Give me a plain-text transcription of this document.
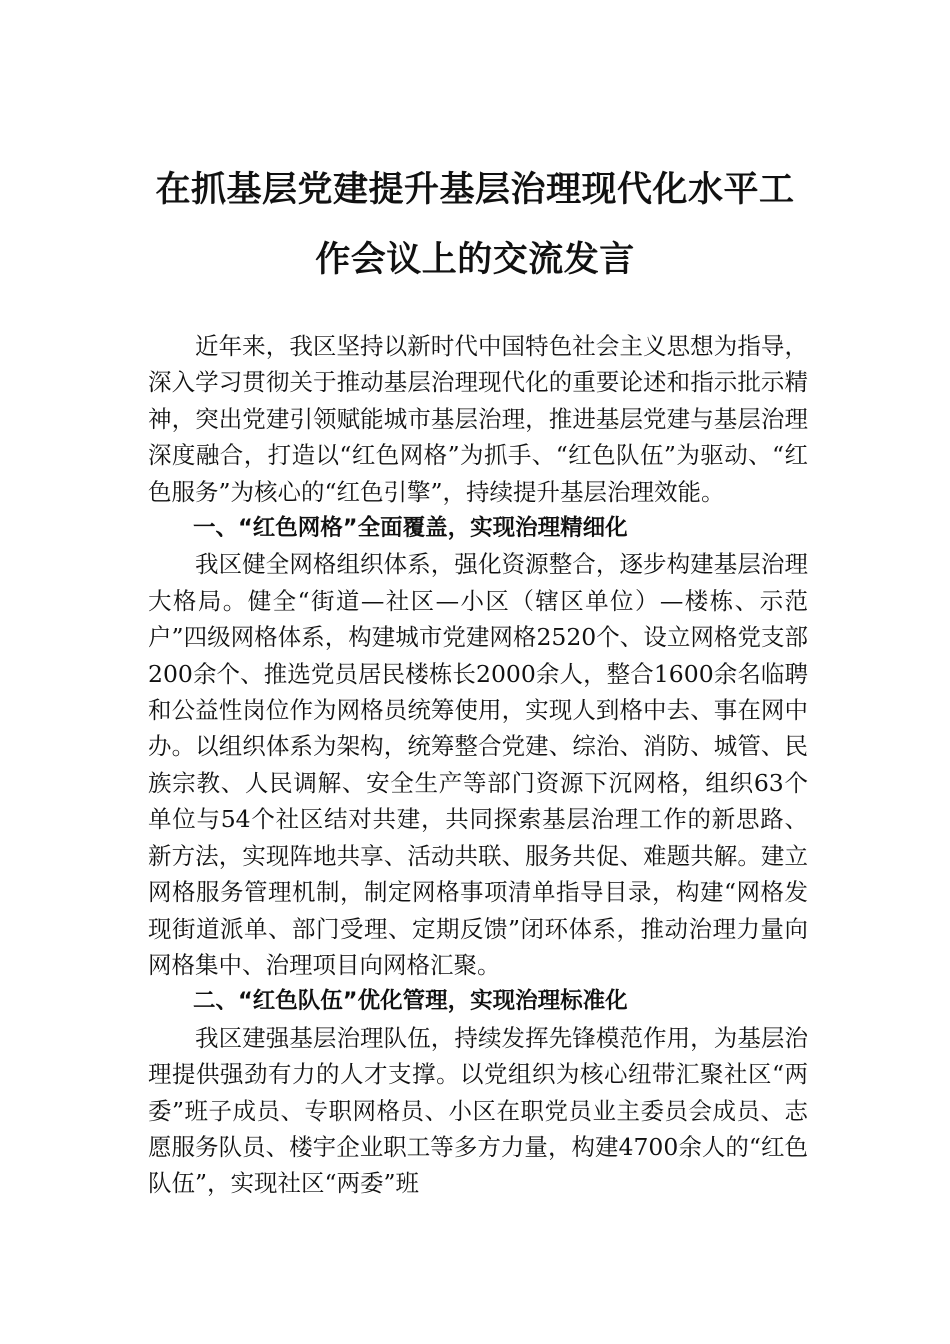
在抓基层党建提升基层治理现代化水平工
作会议上的交流发言

近年来，我区坚持以新时代中国特色社会主义思想为指导，深入学习贯彻关于推动基层治理现代化的重要论述和指示批示精神，突出党建引领赋能城市基层治理，推进基层党建与基层治理深度融合，打造以“红色网格”为抓手、“红色队伍”为驱动、“红色服务”为核心的“红色引擎”，持续提升基层治理效能。

一、“红色网格”全面覆盖，实现治理精细化

我区健全网格组织体系，强化资源整合，逐步构建基层治理大格局。健全“街道—社区—小区（辖区单位）—楼栋、示范户”四级网格体系，构建城市党建网格2520个、设立网格党支部200余个、推选党员居民楼栋长2000余人，整合1600余名临聘和公益性岗位作为网格员统筹使用，实现人到格中去、事在网中办。以组织体系为架构，统筹整合党建、综治、消防、城管、民族宗教、人民调解、安全生产等部门资源下沉网格，组织63个单位与54个社区结对共建，共同探索基层治理工作的新思路、新方法，实现阵地共享、活动共联、服务共促、难题共解。建立网格服务管理机制，制定网格事项清单指导目录，构建“网格发现街道派单、部门受理、定期反馈”闭环体系，推动治理力量向网格集中、治理项目向网格汇聚。

二、“红色队伍”优化管理，实现治理标准化

我区建强基层治理队伍，持续发挥先锋模范作用，为基层治理提供强劲有力的人才支撑。以党组织为核心纽带汇聚社区“两委”班子成员、专职网格员、小区在职党员业主委员会成员、志愿服务队员、楼宇企业职工等多方力量，构建4700余人的“红色队伍”，实现社区“两委”班
